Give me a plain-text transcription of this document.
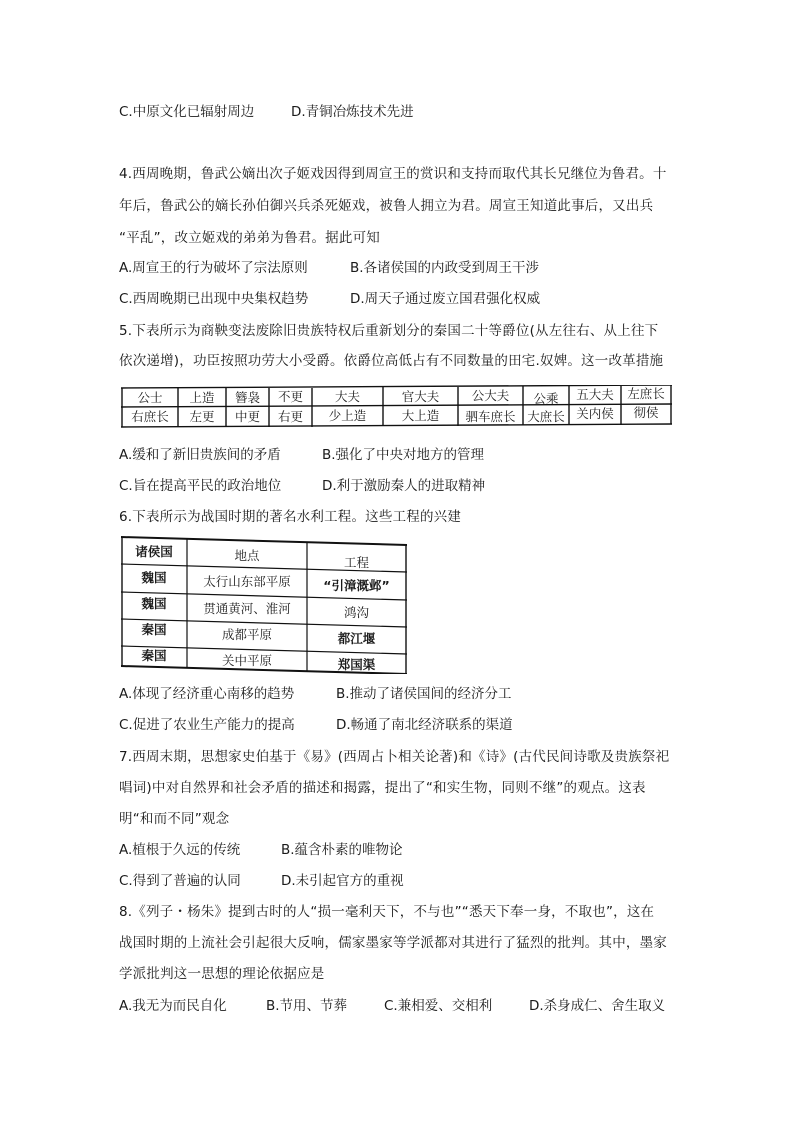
C.中原文化已辐射周边	D.青铜冶炼技术先进
4.西周晚期，鲁武公嫡出次子姬戏因得到周宣王的赏识和支持而取代其长兄继位为鲁君。十
年后，鲁武公的嫡长孙伯御兴兵杀死姬戏，被鲁人拥立为君。周宣王知道此事后，又出兵
“平乱”，改立姬戏的弟弟为鲁君。据此可知
A.周宣王的行为破坏了宗法原则	B.各诸侯国的内政受到周王干涉
C.西周晚期已出现中央集权趋势	D.周天子通过废立国君强化权威
5.下表所示为商鞅变法废除旧贵族特权后重新划分的秦国二十等爵位(从左往右、从上往下
依次递增)，功臣按照功劳大小受爵。依爵位高低占有不同数量的田宅.奴婢。这一改革措施
公士	上造	簪袅	不更	大夫	官大夫	公大夫	公乘	五大夫	左庶长
右庶长	左更	中更	右更	少上造	大上造	驷车庶长 大庶长 关内侯	彻侯
A.缓和了新旧贵族间的矛盾	B.强化了中央对地方的管理
C.旨在提高平民的政治地位	D.利于激励秦人的进取精神
6.下表所示为战国时期的著名水利工程。这些工程的兴建
诸侯国	地点	工程
魏国	太行山东部平原	“引漳溉邺”
魏国	贯通黄河、淮河	鸿沟
秦国	成都平原	都江堰
秦国	关中平原	郑国渠
A.体现了经济重心南移的趋势	B.推动了诸侯国间的经济分工
C.促进了农业生产能力的提高	D.畅通了南北经济联系的渠道
7.西周末期，思想家史伯基于《易》(西周占卜相关论著)和《诗》(古代民间诗歌及贵族祭祀
唱词)中对自然界和社会矛盾的描述和揭露，提出了“和实生物，同则不继”的观点。这表
明“和而不同”观念
A.植根于久远的传统	B.蕴含朴素的唯物论
C.得到了普遍的认同	D.未引起官方的重视
8.《列子・杨朱》提到古时的人“损一毫利天下，不与也”“悉天下奉一身，不取也”，这在
战国时期的上流社会引起很大反响，儒家墨家等学派都对其进行了猛烈的批判。其中，墨家
学派批判这一思想的理论依据应是
A.我无为而民自化	B.节用、节葬	C.兼相爱、交相利	D.杀身成仁、舍生取义
